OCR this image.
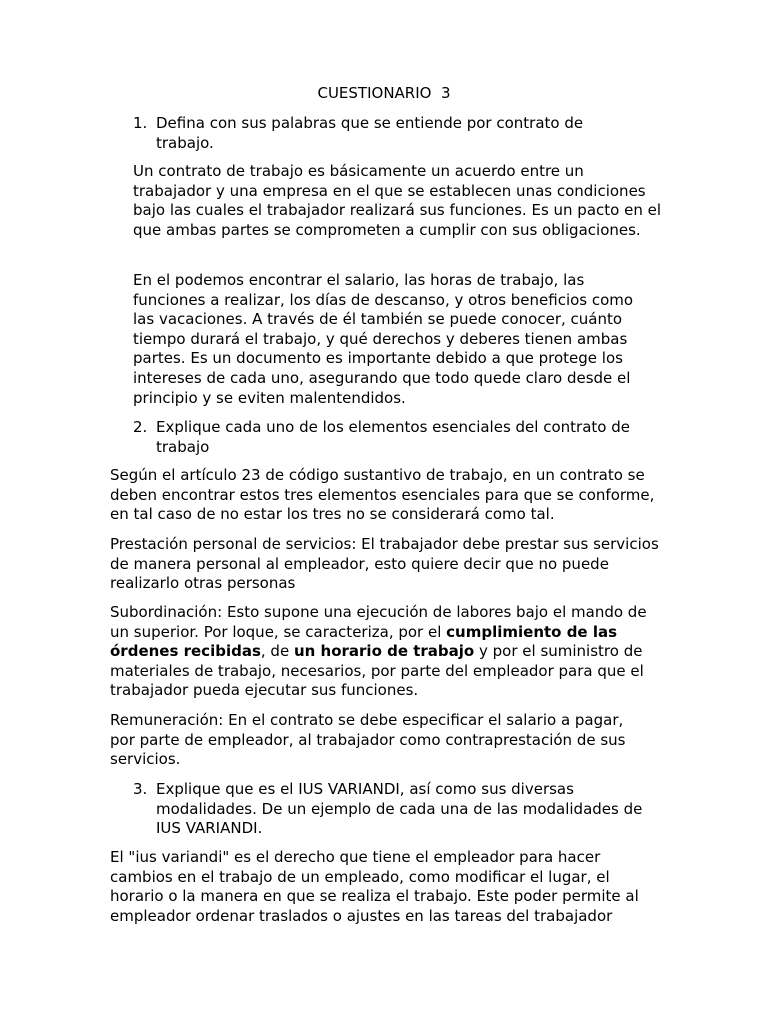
CUESTIONARIO  3
1. Defina con sus palabras que se entiende por contrato de trabajo.

Un contrato de trabajo es básicamente un acuerdo entre un trabajador y una empresa en el que se establecen unas condiciones bajo las cuales el trabajador realizará sus funciones. Es un pacto en el que ambas partes se comprometen a cumplir con sus obligaciones.

En el podemos encontrar el salario, las horas de trabajo, las funciones a realizar, los días de descanso, y otros beneficios como las vacaciones. A través de él también se puede conocer, cuánto tiempo durará el trabajo, y qué derechos y deberes tienen ambas partes. Es un documento es importante debido a que protege los intereses de cada uno, asegurando que todo quede claro desde el principio y se eviten malentendidos.

2. Explique cada uno de los elementos esenciales del contrato de trabajo

Según el artículo 23 de código sustantivo de trabajo, en un contrato se deben encontrar estos tres elementos esenciales para que se conforme, en tal caso de no estar los tres no se considerará como tal.

Prestación personal de servicios: El trabajador debe prestar sus servicios de manera personal al empleador, esto quiere decir que no puede realizarlo otras personas

Subordinación: Esto supone una ejecución de labores bajo el mando de un superior. Por loque, se caracteriza, por el cumplimiento de las órdenes recibidas, de un horario de trabajo y por el suministro de materiales de trabajo, necesarios, por parte del empleador para que el trabajador pueda ejecutar sus funciones.

Remuneración: En el contrato se debe especificar el salario a pagar, por parte de empleador, al trabajador como contraprestación de sus servicios.

3. Explique que es el IUS VARIANDI, así como sus diversas modalidades. De un ejemplo de cada una de las modalidades de IUS VARIANDI.

El "ius variandi" es el derecho que tiene el empleador para hacer cambios en el trabajo de un empleado, como modificar el lugar, el horario o la manera en que se realiza el trabajo. Este poder permite al empleador ordenar traslados o ajustes en las tareas del trabajador
